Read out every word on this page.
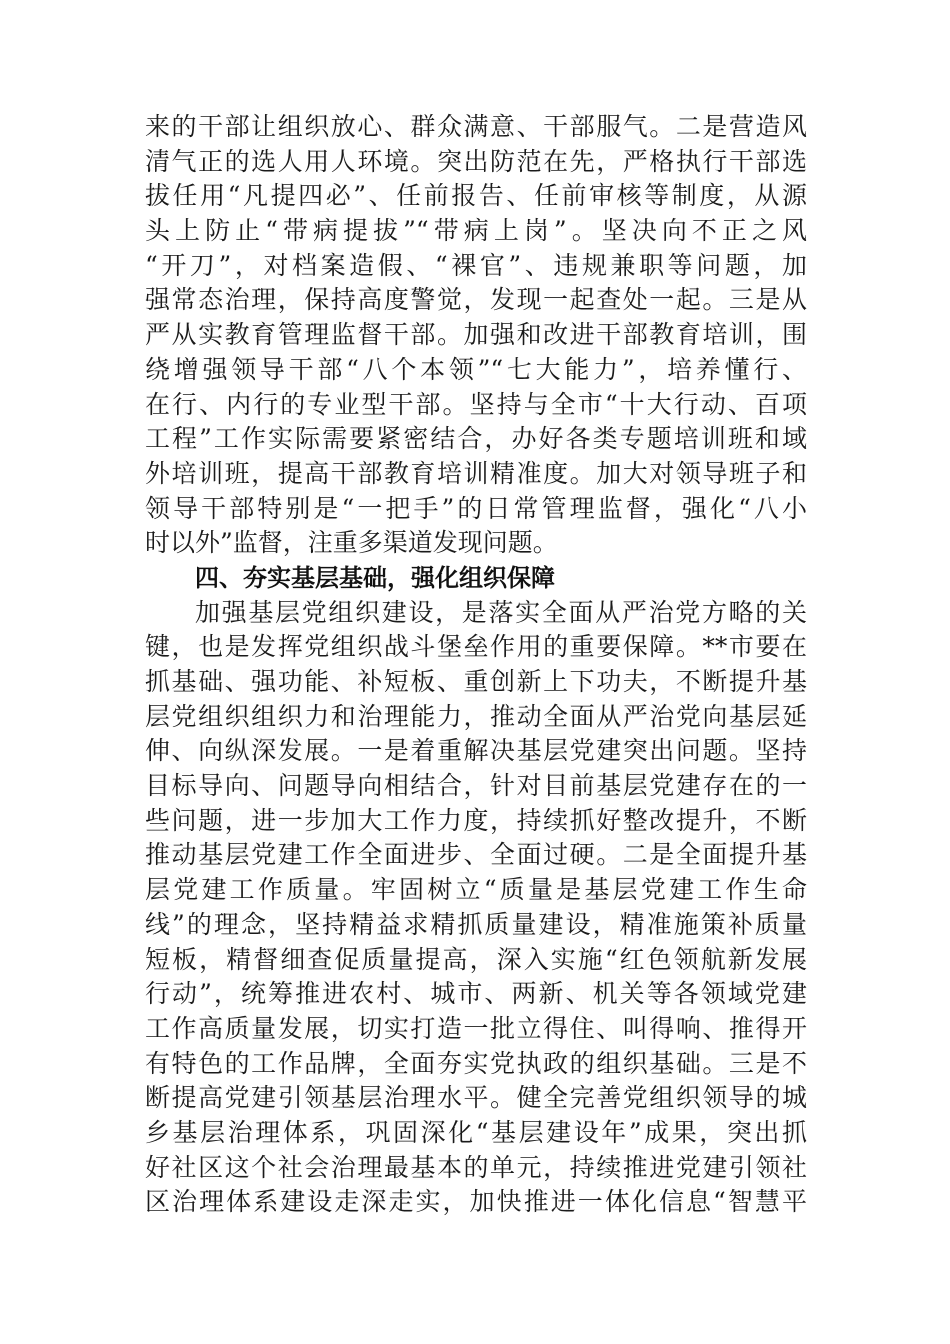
来的干部让组织放心、群众满意、干部服气。二是营造风
清气正的选人用人环境。突出防范在先，严格执行干部选
拔任用“凡提四必”、任前报告、任前审核等制度，从源
头上防止“带病提拔”“带病上岗”。坚决向不正之风
“开刀”，对档案造假、“裸官”、违规兼职等问题，加
强常态治理，保持高度警觉，发现一起查处一起。三是从
严从实教育管理监督干部。加强和改进干部教育培训，围
绕增强领导干部“八个本领”“七大能力”，培养懂行、
在行、内行的专业型干部。坚持与全市“十大行动、百项
工程”工作实际需要紧密结合，办好各类专题培训班和域
外培训班，提高干部教育培训精准度。加大对领导班子和
领导干部特别是“一把手”的日常管理监督，强化“八小
时以外”监督，注重多渠道发现问题。
四、夯实基层基础，强化组织保障
加强基层党组织建设，是落实全面从严治党方略的关
键，也是发挥党组织战斗堡垒作用的重要保障。**市要在
抓基础、强功能、补短板、重创新上下功夫，不断提升基
层党组织组织力和治理能力，推动全面从严治党向基层延
伸、向纵深发展。一是着重解决基层党建突出问题。坚持
目标导向、问题导向相结合，针对目前基层党建存在的一
些问题，进一步加大工作力度，持续抓好整改提升，不断
推动基层党建工作全面进步、全面过硬。二是全面提升基
层党建工作质量。牢固树立“质量是基层党建工作生命
线”的理念，坚持精益求精抓质量建设，精准施策补质量
短板，精督细查促质量提高，深入实施“红色领航新发展
行动”，统筹推进农村、城市、两新、机关等各领域党建
工作高质量发展，切实打造一批立得住、叫得响、推得开
有特色的工作品牌，全面夯实党执政的组织基础。三是不
断提高党建引领基层治理水平。健全完善党组织领导的城
乡基层治理体系，巩固深化“基层建设年”成果，突出抓
好社区这个社会治理最基本的单元，持续推进党建引领社
区治理体系建设走深走实，加快推进一体化信息“智慧平
